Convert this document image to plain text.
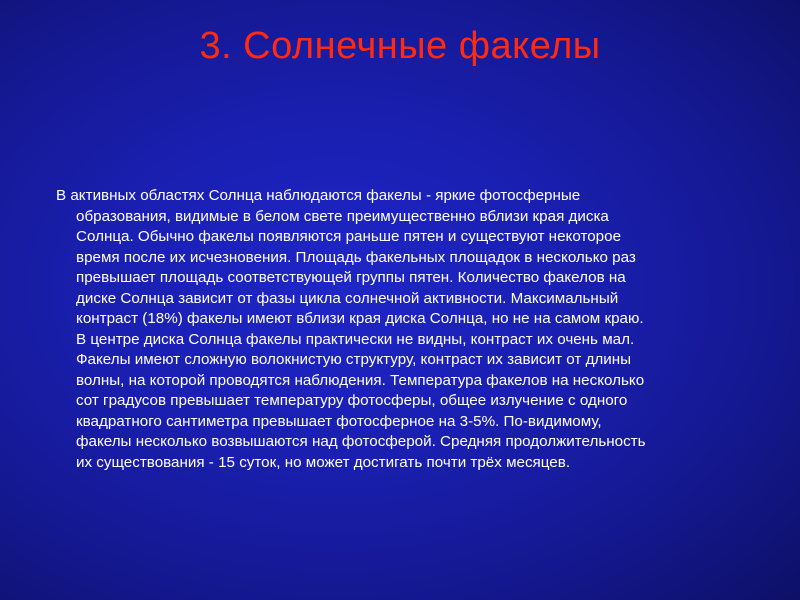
3. Солнечные факелы
В активных областях Солнца наблюдаются факелы - яркие фотосферные
образования, видимые в белом свете преимущественно вблизи края диска
Солнца. Обычно факелы появляются раньше пятен и существуют некоторое
время после их исчезновения. Площадь факельных площадок в несколько раз
превышает площадь соответствующей группы пятен. Количество факелов на
диске Солнца зависит от фазы цикла солнечной активности. Максимальный
контраст (18%) факелы имеют вблизи края диска Солнца, но не на самом краю.
В центре диска Солнца факелы практически не видны, контраст их очень мал.
Факелы имеют сложную волокнистую структуру, контраст их зависит от длины
волны, на которой проводятся наблюдения. Температура факелов на несколько
сот градусов превышает температуру фотосферы, общее излучение с одного
квадратного сантиметра превышает фотосферное на 3-5%. По-видимому,
факелы несколько возвышаются над фотосферой. Средняя продолжительность
их существования - 15 суток, но может достигать почти трёх месяцев.
